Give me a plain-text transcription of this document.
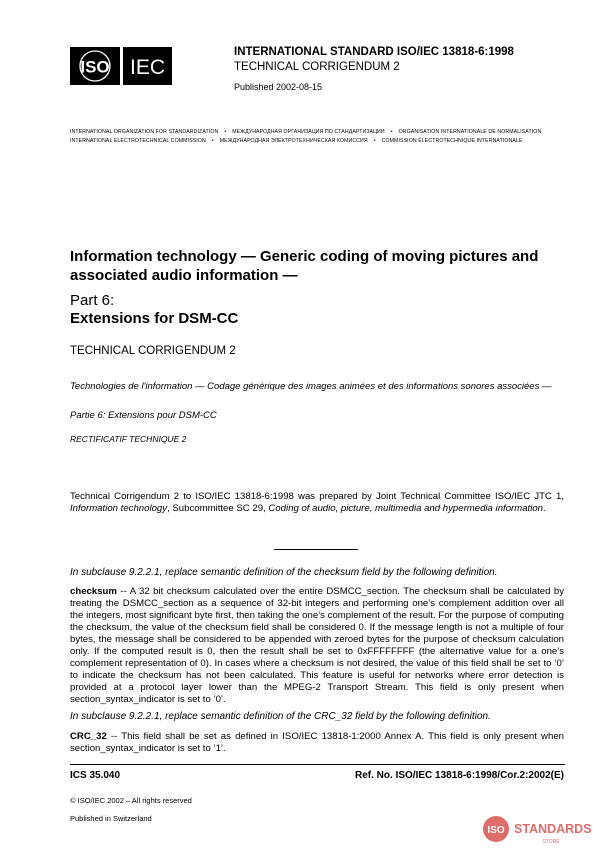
ISO IEC
INTERNATIONAL STANDARD ISO/IEC 13818-6:1998
TECHNICAL CORRIGENDUM 2
Published 2002-08-15
INTERNATIONAL ORGANIZATION FOR STANDARDIZATION • МЕЖДУНАРОДНАЯ ОРГАНИЗАЦИЯ ПО СТАНДАРТИЗАЦИИ • ORGANISATION INTERNATIONALE DE NORMALISATION
INTERNATIONAL ELECTROTECHNICAL COMMISSION • МЕЖДУНАРОДНАЯ ЭЛЕКТРОТЕХНИЧЕСКАЯ КОМИССИЯ • COMMISSION ÉLECTROTECHNIQUE INTERNATIONALE
Information technology — Generic coding of moving pictures and associated audio information —
Part 6:
Extensions for DSM-CC
TECHNICAL CORRIGENDUM 2
Technologies de l'information — Codage générique des images animées et des informations sonores associées —
Partie 6: Extensions pour DSM-CC
RECTIFICATIF TECHNIQUE 2
Technical Corrigendum 2 to ISO/IEC 13818-6:1998 was prepared by Joint Technical Committee ISO/IEC JTC 1, Information technology, Subcommittee SC 29, Coding of audio, picture, multimedia and hypermedia information.
In subclause 9.2.2.1, replace semantic definition of the checksum field by the following definition.
checksum -- A 32 bit checksum calculated over the entire DSMCC_section. The checksum shall be calculated by treating the DSMCC_section as a sequence of 32-bit integers and performing one’s complement addition over all the integers, most significant byte first, then taking the one’s complement of the result. For the purpose of computing the checksum, the value of the checksum field shall be considered 0. If the message length is not a multiple of four bytes, the message shall be considered to be appended with zeroed bytes for the purpose of checksum calculation only. If the computed result is 0, then the result shall be set to 0xFFFFFFFF (the alternative value for a one’s complement representation of 0). In cases where a checksum is not desired, the value of this field shall be set to ‘0’ to indicate the checksum has not been calculated. This feature is useful for networks where error detection is provided at a protocol layer lower than the MPEG-2 Transport Stream. This field is only present when section_syntax_indicator is set to ‘0’.
In subclause 9.2.2.1, replace semantic definition of the CRC_32 field by the following definition.
CRC_32 -- This field shall be set as defined in ISO/IEC 13818-1:2000 Annex A. This field is only present when section_syntax_indicator is set to ‘1’.
ICS 35.040	Ref. No. ISO/IEC 13818-6:1998/Cor.2:2002(E)
© ISO/IEC 2002 – All rights reserved
Published in Switzerland
ISO STANDARDS
STORE
